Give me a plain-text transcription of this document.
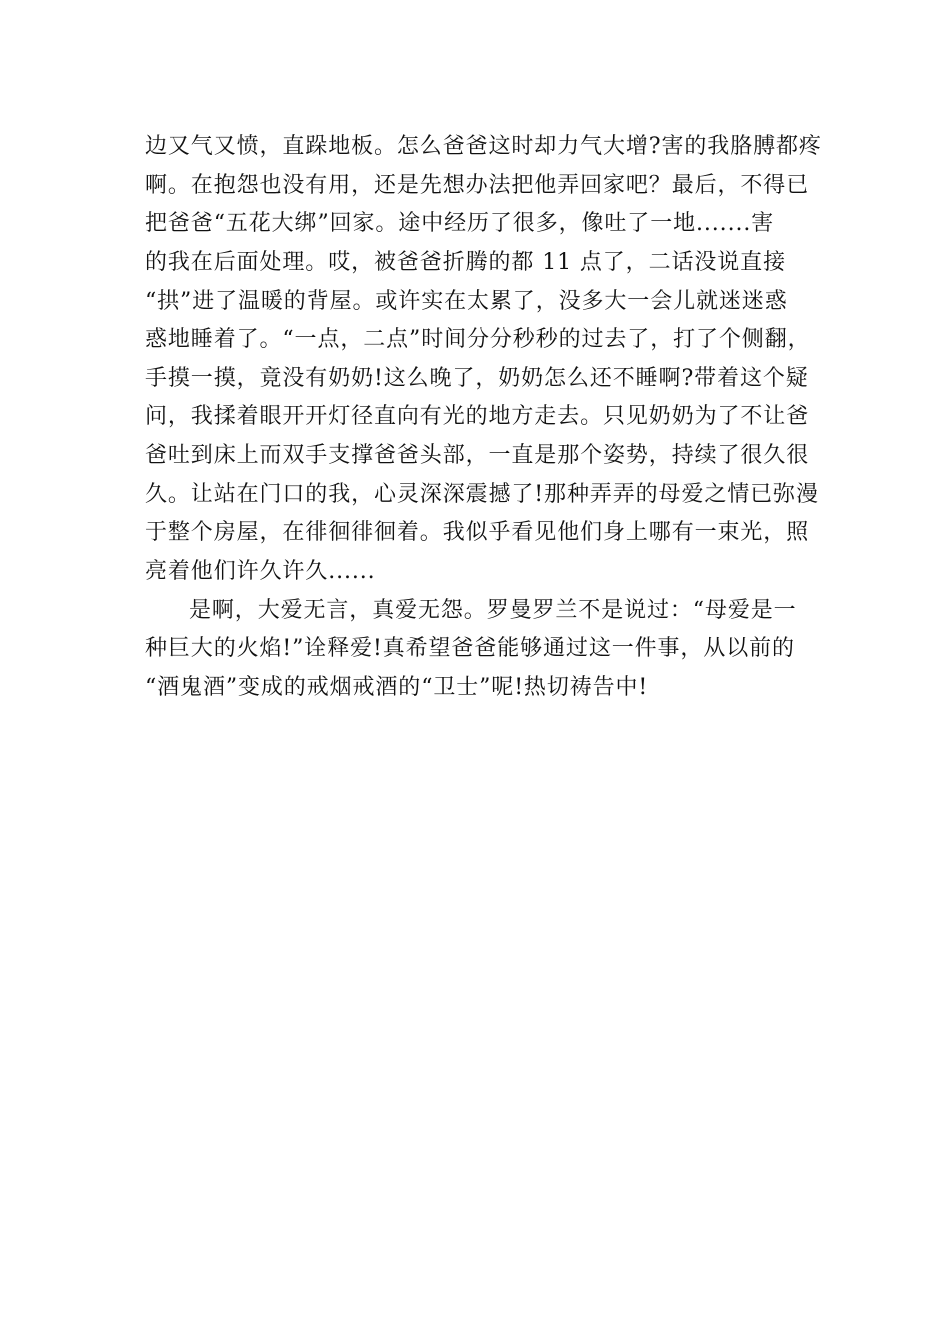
边又气又愤，直跺地板。怎么爸爸这时却力气大增?害的我胳膊都疼
啊。在抱怨也没有用，还是先想办法把他弄回家吧？最后，不得已
把爸爸“五花大绑”回家。途中经历了很多，像吐了一地.......害
的我在后面处理。哎，被爸爸折腾的都 11 点了，二话没说直接
“拱”进了温暖的背屋。或许实在太累了，没多大一会儿就迷迷惑
惑地睡着了。“一点，二点”时间分分秒秒的过去了，打了个侧翻，
手摸一摸，竟没有奶奶!这么晚了，奶奶怎么还不睡啊?带着这个疑
问，我揉着眼开开灯径直向有光的地方走去。只见奶奶为了不让爸
爸吐到床上而双手支撑爸爸头部，一直是那个姿势，持续了很久很
久。让站在门口的我，心灵深深震撼了!那种弄弄的母爱之情已弥漫
于整个房屋，在徘徊徘徊着。我似乎看见他们身上哪有一束光，照
亮着他们许久许久......
是啊，大爱无言，真爱无怨。罗曼罗兰不是说过：“母爱是一
种巨大的火焰!”诠释爱!真希望爸爸能够通过这一件事，从以前的
“酒鬼酒”变成的戒烟戒酒的“卫士”呢!热切祷告中!
